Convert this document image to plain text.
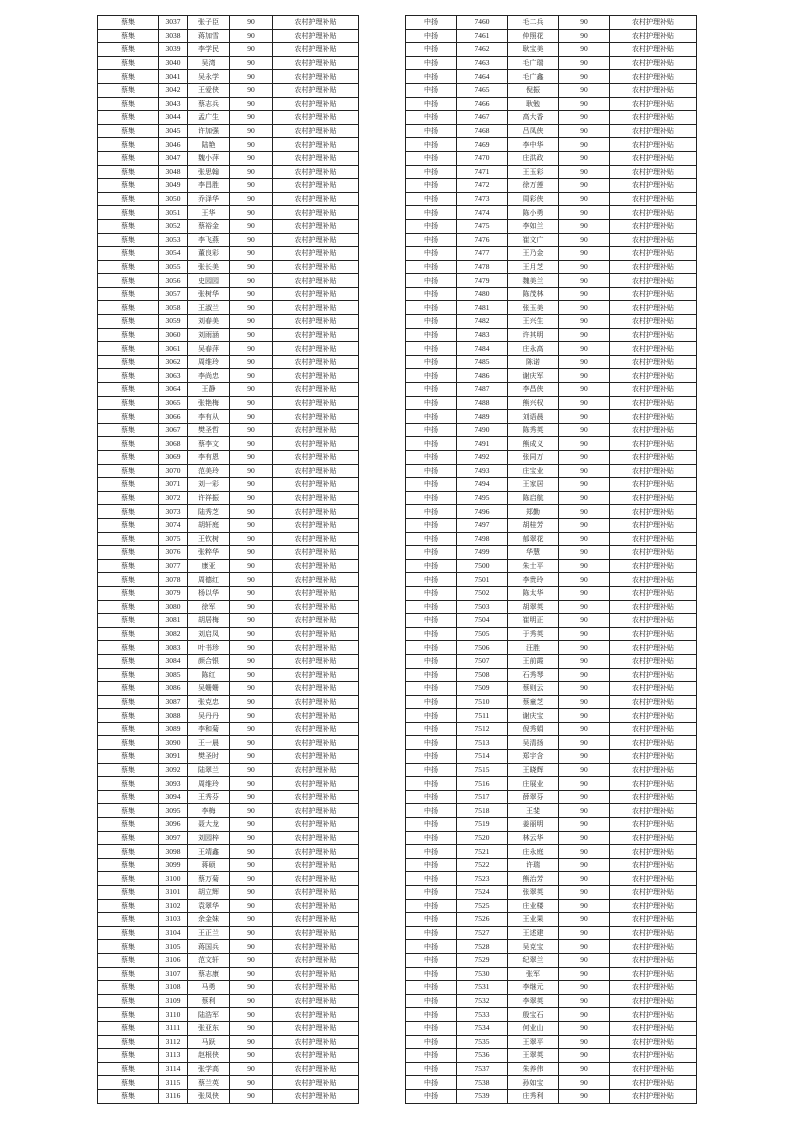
蔡集	3037	张子臣	90	农村护理补贴
蔡集	3038	蒋加雪	90	农村护理补贴
蔡集	3039	李学民	90	农村护理补贴
蔡集	3040	吴湾	90	农村护理补贴
蔡集	3041	吴永学	90	农村护理补贴
蔡集	3042	王爱侠	90	农村护理补贴
蔡集	3043	蔡志兵	90	农村护理补贴
蔡集	3044	孟广生	90	农村护理补贴
蔡集	3045	许加强	90	农村护理补贴
蔡集	3046	陆艳	90	农村护理补贴
蔡集	3047	魏小萍	90	农村护理补贴
蔡集	3048	张思翰	90	农村护理补贴
蔡集	3049	李昌胜	90	农村护理补贴
蔡集	3050	乔泽华	90	农村护理补贴
蔡集	3051	王华	90	农村护理补贴
蔡集	3052	蔡裕金	90	农村护理补贴
蔡集	3053	李飞燕	90	农村护理补贴
蔡集	3054	董良彩	90	农村护理补贴
蔡集	3055	张长美	90	农村护理补贴
蔡集	3056	史园园	90	农村护理补贴
蔡集	3057	张树华	90	农村护理补贴
蔡集	3058	王淑兰	90	农村护理补贴
蔡集	3059	刘春美	90	农村护理补贴
蔡集	3060	刘雨涵	90	农村护理补贴
蔡集	3061	吴春萍	90	农村护理补贴
蔡集	3062	周维玲	90	农村护理补贴
蔡集	3063	李尚忠	90	农村护理补贴
蔡集	3064	王静	90	农村护理补贴
蔡集	3065	张艳梅	90	农村护理补贴
蔡集	3066	李有从	90	农村护理补贴
蔡集	3067	樊圣哲	90	农村护理补贴
蔡集	3068	蔡李文	90	农村护理补贴
蔡集	3069	李有恩	90	农村护理补贴
蔡集	3070	范美玲	90	农村护理补贴
蔡集	3071	刘一彩	90	农村护理补贴
蔡集	3072	许祥振	90	农村护理补贴
蔡集	3073	陆秀芝	90	农村护理补贴
蔡集	3074	胡轩庭	90	农村护理补贴
蔡集	3075	王钦树	90	农村护理补贴
蔡集	3076	张粹华	90	农村护理补贴
蔡集	3077	康亚	90	农村护理补贴
蔡集	3078	周德红	90	农村护理补贴
蔡集	3079	杨以华	90	农村护理补贴
蔡集	3080	徐军	90	农村护理补贴
蔡集	3081	胡居梅	90	农村护理补贴
蔡集	3082	刘启凤	90	农村护理补贴
蔡集	3083	叶书珍	90	农村护理补贴
蔡集	3084	颜合银	90	农村护理补贴
蔡集	3085	陈红	90	农村护理补贴
蔡集	3086	吴姗姗	90	农村护理补贴
蔡集	3087	张克忠	90	农村护理补贴
蔡集	3088	吴丹丹	90	农村护理补贴
蔡集	3089	李和菊	90	农村护理补贴
蔡集	3090	王一晨	90	农村护理补贴
蔡集	3091	樊圣时	90	农村护理补贴
蔡集	3092	陆翠兰	90	农村护理补贴
蔡集	3093	周维玲	90	农村护理补贴
蔡集	3094	王秀芬	90	农村护理补贴
蔡集	3095	李梅	90	农村护理补贴
蔡集	3096	聂大龙	90	农村护理补贴
蔡集	3097	刘园梓	90	农村护理补贴
蔡集	3098	王靖鑫	90	农村护理补贴
蔡集	3099	蒋硕	90	农村护理补贴
蔡集	3100	蔡万菊	90	农村护理补贴
蔡集	3101	胡立辉	90	农村护理补贴
蔡集	3102	袁翠华	90	农村护理补贴
蔡集	3103	余金妹	90	农村护理补贴
蔡集	3104	王正兰	90	农村护理补贴
蔡集	3105	蒋国兵	90	农村护理补贴
蔡集	3106	范文轩	90	农村护理补贴
蔡集	3107	蔡志康	90	农村护理补贴
蔡集	3108	马勇	90	农村护理补贴
蔡集	3109	蔡利	90	农村护理补贴
蔡集	3110	陆浩军	90	农村护理补贴
蔡集	3111	张亚东	90	农村护理补贴
蔡集	3112	马跃	90	农村护理补贴
蔡集	3113	赵根侠	90	农村护理补贴
蔡集	3114	张学高	90	农村护理补贴
蔡集	3115	蔡兰英	90	农村护理补贴
蔡集	3116	张凤侠	90	农村护理补贴
中扬	7460	毛二兵	90	农村护理补贴
中扬	7461	仲照花	90	农村护理补贴
中扬	7462	耿宝美	90	农村护理补贴
中扬	7463	毛广瑞	90	农村护理补贴
中扬	7464	毛广鑫	90	农村护理补贴
中扬	7465	倪振	90	农村护理补贴
中扬	7466	耿勉	90	农村护理补贴
中扬	7467	高大香	90	农村护理补贴
中扬	7468	吕凤侠	90	农村护理补贴
中扬	7469	李中华	90	农村护理补贴
中扬	7470	庄洪政	90	农村护理补贴
中扬	7471	王玉彩	90	农村护理补贴
中扬	7472	徐万莲	90	农村护理补贴
中扬	7473	周彩侠	90	农村护理补贴
中扬	7474	陈小勇	90	农村护理补贴
中扬	7475	李如兰	90	农村护理补贴
中扬	7476	崔文广	90	农村护理补贴
中扬	7477	王乃金	90	农村护理补贴
中扬	7478	王月芝	90	农村护理补贴
中扬	7479	魏美兰	90	农村护理补贴
中扬	7480	陈茂林	90	农村护理补贴
中扬	7481	张玉美	90	农村护理补贴
中扬	7482	王兴生	90	农村护理补贴
中扬	7483	许其明	90	农村护理补贴
中扬	7484	庄永高	90	农村护理补贴
中扬	7485	陈诺	90	农村护理补贴
中扬	7486	谢庆军	90	农村护理补贴
中扬	7487	李昌侠	90	农村护理补贴
中扬	7488	熊兴权	90	农村护理补贴
中扬	7489	刘语晨	90	农村护理补贴
中扬	7490	陈秀英	90	农村护理补贴
中扬	7491	熊成义	90	农村护理补贴
中扬	7492	张同万	90	农村护理补贴
中扬	7493	庄宝业	90	农村护理补贴
中扬	7494	王家居	90	农村护理补贴
中扬	7495	陈启航	90	农村护理补贴
中扬	7496	郑勤	90	农村护理补贴
中扬	7497	胡桂芳	90	农村护理补贴
中扬	7498	郁翠花	90	农村护理补贴
中扬	7499	华慧	90	农村护理补贴
中扬	7500	朱士平	90	农村护理补贴
中扬	7501	李贵玲	90	农村护理补贴
中扬	7502	陈太华	90	农村护理补贴
中扬	7503	胡翠英	90	农村护理补贴
中扬	7504	崔明正	90	农村护理补贴
中扬	7505	于秀英	90	农村护理补贴
中扬	7506	汪胜	90	农村护理补贴
中扬	7507	王前霞	90	农村护理补贴
中扬	7508	石秀琴	90	农村护理补贴
中扬	7509	蔡则云	90	农村护理补贴
中扬	7510	蔡童芝	90	农村护理补贴
中扬	7511	谢庆宝	90	农村护理补贴
中扬	7512	倪秀娟	90	农村护理补贴
中扬	7513	吴清扬	90	农村护理补贴
中扬	7514	郑宇含	90	农村护理补贴
中扬	7515	王晓辉	90	农村护理补贴
中扬	7516	庄展业	90	农村护理补贴
中扬	7517	薛翠芬	90	农村护理补贴
中扬	7518	王斐	90	农村护理补贴
中扬	7519	姜丽明	90	农村护理补贴
中扬	7520	林云华	90	农村护理补贴
中扬	7521	庄永庭	90	农村护理补贴
中扬	7522	许瑞	90	农村护理补贴
中扬	7523	熊治芳	90	农村护理补贴
中扬	7524	张翠英	90	农村护理补贴
中扬	7525	庄业楼	90	农村护理补贴
中扬	7526	王业果	90	农村护理补贴
中扬	7527	王述建	90	农村护理补贴
中扬	7528	吴克宝	90	农村护理补贴
中扬	7529	纪翠兰	90	农村护理补贴
中扬	7530	张军	90	农村护理补贴
中扬	7531	李继元	90	农村护理补贴
中扬	7532	李翠英	90	农村护理补贴
中扬	7533	殷宝石	90	农村护理补贴
中扬	7534	何业山	90	农村护理补贴
中扬	7535	王翠平	90	农村护理补贴
中扬	7536	王翠英	90	农村护理补贴
中扬	7537	朱养伟	90	农村护理补贴
中扬	7538	孙如宝	90	农村护理补贴
中扬	7539	庄秀利	90	农村护理补贴
